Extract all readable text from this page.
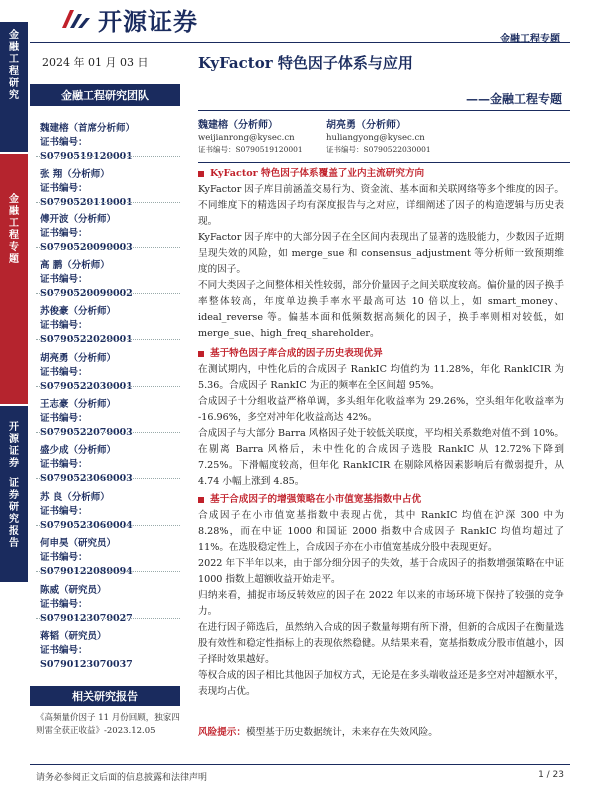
开源证券
金融工程专题
金
融
工
程
研
究
金
融
工
程
专
题
开
源
证
券
证
券
研
究
报
告
2024 年 01 月 03 日
金融工程研究团队
魏建榕（首席分析师）
证书编号：S0790519120001
张 翔（分析师）
证书编号：S0790520110001
傅开波（分析师）
证书编号：S0790520090003
高 鹏（分析师）
证书编号：S0790520090002
苏俊豪（分析师）
证书编号：S0790522020001
胡亮勇（分析师）
证书编号：S0790522030001
王志豪（分析师）
证书编号：S0790522070003
盛少成（分析师）
证书编号：S0790523060003
苏 良（分析师）
证书编号：S0790523060004
何申昊（研究员）
证书编号：S0790122080094
陈威（研究员）
证书编号：S0790123070027
蒋韬（研究员）
证书编号：S0790123070037
相关研究报告
《高频量价因子 11 月份回顾，独家四则雷全获正收益》-2023.12.05
KyFactor 特色因子体系与应用
——金融工程专题
魏建榕（分析师）
weijianrong@kysec.cn
证书编号：S0790519120001
胡亮勇（分析师）
huliangyong@kysec.cn
证书编号：S0790522030001
KyFactor 特色因子体系覆盖了业内主流研究方向

KyFactor 因子库目前涵盖交易行为、资金流、基本面和关联网络等多个维度的因子。不同维度下的精选因子均有深度报告与之对应，详细阐述了因子的构造逻辑与历史表现。

KyFactor 因子库中的大部分因子在全区间内表现出了显著的选股能力，少数因子近期呈现失效的风险，如 merge_sue 和 consensus_adjustment 等分析师一致预期维度的因子。

不同大类因子之间整体相关性较弱，部分价量因子之间关联度较高。偏价量的因子换手率整体较高，年度单边换手率水平最高可达 10 倍以上，如 smart_money、ideal_reverse 等。偏基本面和低频数据高频化的因子，换手率则相对较低，如 merge_sue、high_freq_shareholder。

基于特色因子库合成的因子历史表现优异

在测试期内，中性化后的合成因子 RankIC 均值约为 11.28%，年化 RankICIR 为 5.36。合成因子 RankIC 为正的频率在全区间超 95%。

合成因子十分组收益严格单调，多头组年化收益率为 29.26%，空头组年化收益率为 -16.96%，多空对冲年化收益高达 42%。

合成因子与大部分 Barra 风格因子处于较低关联度，平均相关系数绝对值不到 10%。在剔离 Barra 风格后，未中性化的合成因子选股 RankIC 从 12.72%下降到 7.25%。下滑幅度较高，但年化 RankICIR 在剔除风格因素影响后有微弱提升，从 4.74 小幅上涨到 4.85。

基于合成因子的增强策略在小市值宽基指数中占优

合成因子在小市值宽基指数中表现占优，其中 RankIC 均值在沪深 300 中为 8.28%，而在中证 1000 和国证 2000 指数中合成因子 RankIC 均值均超过了 11%。在选股稳定性上，合成因子亦在小市值宽基成分股中表现更好。

2022 年下半年以来，由于部分细分因子的失效，基于合成因子的指数增强策略在中证 1000 指数上超额收益开始走平。

归纳来看，捕捉市场反转效应的因子在 2022 年以来的市场环境下保持了较强的竞争力。

在进行因子筛选后，虽然纳入合成的因子数量每期有所下滑，但新的合成因子在衡量选股有效性和稳定性指标上的表现依然稳健。从结果来看，宽基指数成分股市值越小，因子择时效果越好。

等权合成的因子相比其他因子加权方式，无论是在多头端收益还是多空对冲超额水平，表现均占优。

风险提示：模型基于历史数据统计，未来存在失效风险。
请务必参阅正文后面的信息披露和法律声明	1 / 23
